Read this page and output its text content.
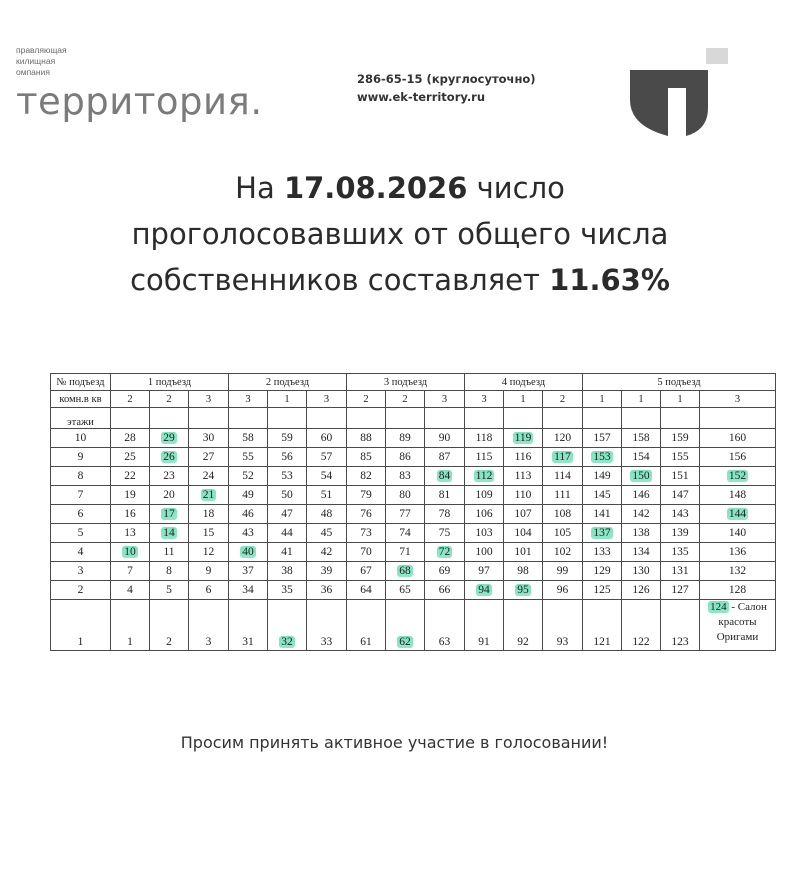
правляющая
килищная
омпания
территория.
286-65-15 (круглосуточно)
www.ek-territory.ru
На 17.08.2026 число
проголосовавших от общего числа
собственников составляет 11.63%
№ подъезд	1 подъезд			2 подъезд			3 подъезд			4 подъезд			5 подъезд			
комн.в кв	2	2	3	3	1	3	2	2	3	3	1	2	1	1	1	3
этажи																
10	28	29	30	58	59	60	88	89	90	118	119	120	157	158	159	160
9	25	26	27	55	56	57	85	86	87	115	116	117	153	154	155	156
8	22	23	24	52	53	54	82	83	84	112	113	114	149	150	151	152
7	19	20	21	49	50	51	79	80	81	109	110	111	145	146	147	148
6	16	17	18	46	47	48	76	77	78	106	107	108	141	142	143	144
5	13	14	15	43	44	45	73	74	75	103	104	105	137	138	139	140
4	10	11	12	40	41	42	70	71	72	100	101	102	133	134	135	136
3	7	8	9	37	38	39	67	68	69	97	98	99	129	130	131	132
2	4	5	6	34	35	36	64	65	66	94	95	96	125	126	127	128
1	1	2	3	31	32	33	61	62	63	91	92	93	121	122	123	124 - Салон красоты Оригами
Просим принять активное участие в голосовании!
